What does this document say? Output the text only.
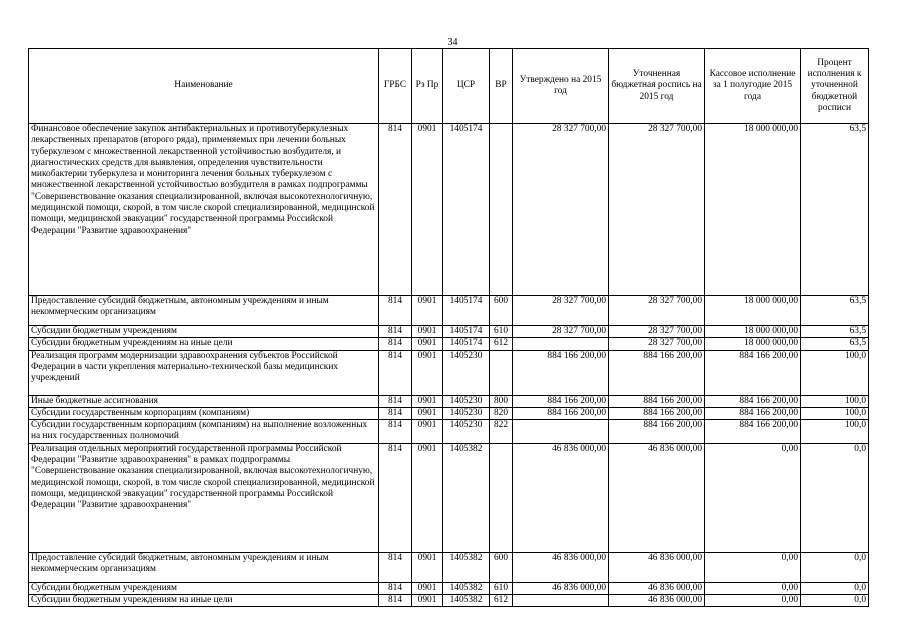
34
Наименование	ГРБС	Рз Пр	ЦСР	ВР	Утверждено на 2015 год	Уточненная бюджетная роспись на 2015 год	Кассовое исполнение за 1 полугодие 2015 года	Процент исполнения к уточненной бюджетной росписи
Финансовое обеспечение закупок антибактериальных и противотуберкулезных лекарственных препаратов (второго ряда), применяемых при лечении больных туберкулезом с множественной лекарственной устойчивостью возбудителя, и диагностических средств для выявления, определения чувствительности микобактерии туберкулеза и мониторинга лечения больных туберкулезом с множественной лекарственной устойчивостью возбудителя в рамках подпрограммы "Совершенствование оказания специализированной, включая высокотехнологичную, медицинской помощи, скорой, в том числе скорой специализированной, медицинской помощи, медицинской эвакуации" государственной программы Российской Федерации "Развитие здравоохранения"	814	0901	1405174		28 327 700,00	28 327 700,00	18 000 000,00	63,5
Предоставление субсидий бюджетным, автономным учреждениям и иным некоммерческим организациям	814	0901	1405174	600	28 327 700,00	28 327 700,00	18 000 000,00	63,5
Субсидии бюджетным учреждениям	814	0901	1405174	610	28 327 700,00	28 327 700,00	18 000 000,00	63,5
Субсидии бюджетным учреждениям на иные цели	814	0901	1405174	612		28 327 700,00	18 000 000,00	63,5
Реализация программ модернизации здравоохранения субъектов Российской Федерации в части укрепления материально-технической базы медицинских учреждений	814	0901	1405230		884 166 200,00	884 166 200,00	884 166 200,00	100,0
Иные бюджетные ассигнования	814	0901	1405230	800	884 166 200,00	884 166 200,00	884 166 200,00	100,0
Субсидии государственным корпорациям (компаниям)	814	0901	1405230	820	884 166 200,00	884 166 200,00	884 166 200,00	100,0
Субсидии государственным корпорациям (компаниям) на выполнение возложенных на них государственных полномочий	814	0901	1405230	822		884 166 200,00	884 166 200,00	100,0
Реализация отдельных мероприятий государственной программы Российской Федерации "Развитие здравоохранения" в рамках подпрограммы "Совершенствование оказания специализированной, включая высокотехнологичную, медицинской помощи, скорой, в том числе скорой специализированной, медицинской помощи, медицинской эвакуации" государственной программы Российской Федерации "Развитие здравоохранения"	814	0901	1405382		46 836 000,00	46 836 000,00	0,00	0,0
Предоставление субсидий бюджетным, автономным учреждениям и иным некоммерческим организациям	814	0901	1405382	600	46 836 000,00	46 836 000,00	0,00	0,0
Субсидии бюджетным учреждениям	814	0901	1405382	610	46 836 000,00	46 836 000,00	0,00	0,0
Субсидии бюджетным учреждениям на иные цели	814	0901	1405382	612		46 836 000,00	0,00	0,0
